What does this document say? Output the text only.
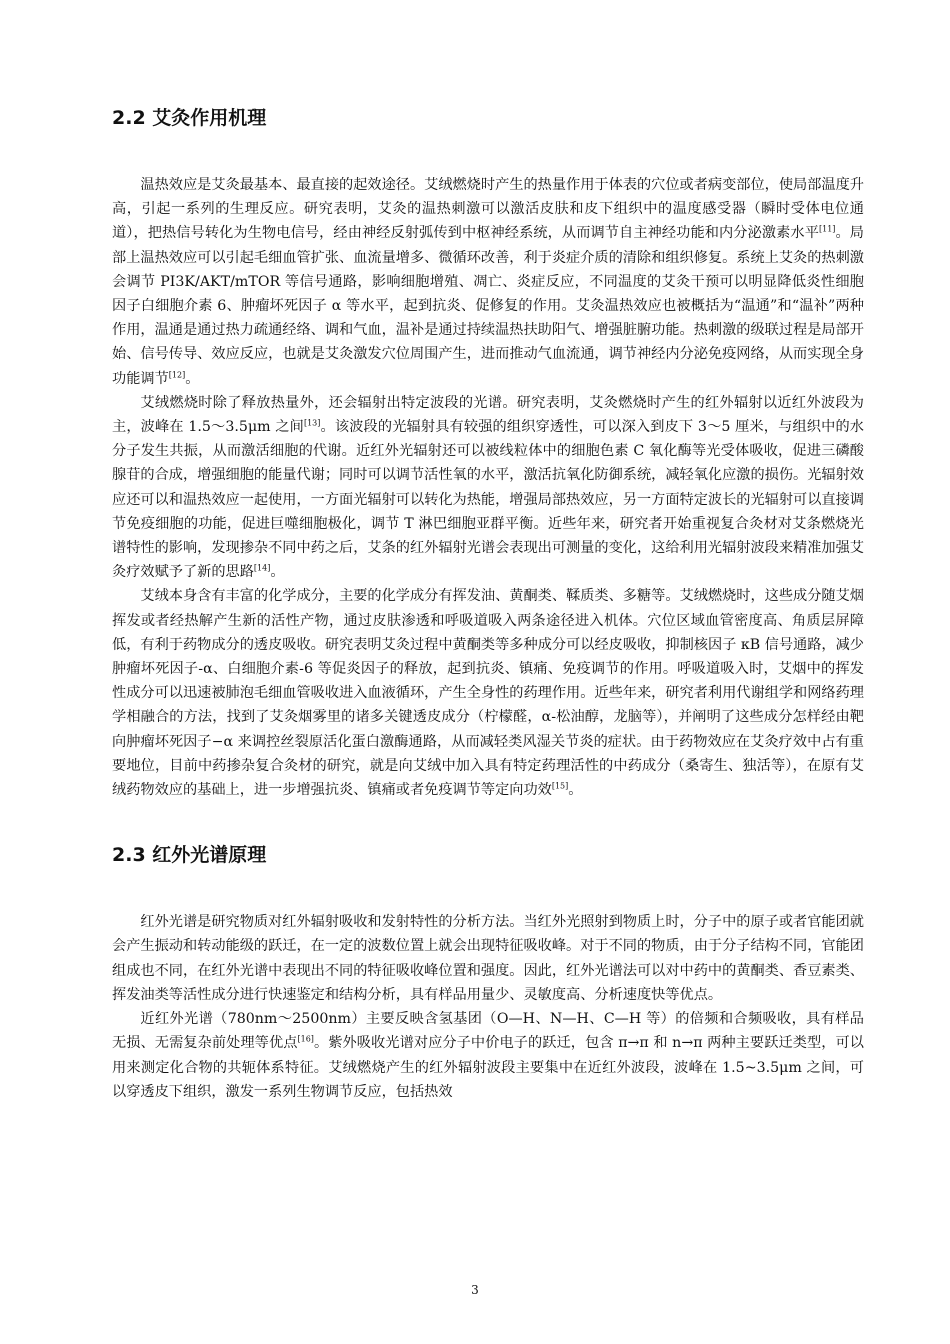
2.2 艾灸作用机理

温热效应是艾灸最基本、最直接的起效途径。艾绒燃烧时产生的热量作用于体表的穴位或者病变部位，使局部温度升高，引起一系列的生理反应。研究表明，艾灸的温热刺激可以激活皮肤和皮下组织中的温度感受器（瞬时受体电位通道），把热信号转化为生物电信号，经由神经反射弧传到中枢神经系统，从而调节自主神经功能和内分泌激素水平[11]。局部上温热效应可以引起毛细血管扩张、血流量增多、微循环改善，利于炎症介质的清除和组织修复。系统上艾灸的热刺激会调节 PI3K/AKT/mTOR 等信号通路，影响细胞增殖、凋亡、炎症反应，不同温度的艾灸干预可以明显降低炎性细胞因子白细胞介素 6、肿瘤坏死因子 α 等水平，起到抗炎、促修复的作用。艾灸温热效应也被概括为“温通”和“温补”两种作用，温通是通过热力疏通经络、调和气血，温补是通过持续温热扶助阳气、增强脏腑功能。热刺激的级联过程是局部开始、信号传导、效应反应，也就是艾灸激发穴位周围产生，进而推动气血流通，调节神经内分泌免疫网络，从而实现全身功能调节[12]。

艾绒燃烧时除了释放热量外，还会辐射出特定波段的光谱。研究表明，艾灸燃烧时产生的红外辐射以近红外波段为主，波峰在 1.5～3.5μm 之间[13]。该波段的光辐射具有较强的组织穿透性，可以深入到皮下 3～5 厘米，与组织中的水分子发生共振，从而激活细胞的代谢。近红外光辐射还可以被线粒体中的细胞色素 C 氧化酶等光受体吸收，促进三磷酸腺苷的合成，增强细胞的能量代谢；同时可以调节活性氧的水平，激活抗氧化防御系统，减轻氧化应激的损伤。光辐射效应还可以和温热效应一起使用，一方面光辐射可以转化为热能，增强局部热效应，另一方面特定波长的光辐射可以直接调节免疫细胞的功能，促进巨噬细胞极化，调节 T 淋巴细胞亚群平衡。近些年来，研究者开始重视复合灸材对艾条燃烧光谱特性的影响，发现掺杂不同中药之后，艾条的红外辐射光谱会表现出可测量的变化，这给利用光辐射波段来精准加强艾灸疗效赋予了新的思路[14]。

艾绒本身含有丰富的化学成分，主要的化学成分有挥发油、黄酮类、鞣质类、多糖等。艾绒燃烧时，这些成分随艾烟挥发或者经热解产生新的活性产物，通过皮肤渗透和呼吸道吸入两条途径进入机体。穴位区域血管密度高、角质层屏障低，有利于药物成分的透皮吸收。研究表明艾灸过程中黄酮类等多种成分可以经皮吸收，抑制核因子 κB 信号通路，减少肿瘤坏死因子-α、白细胞介素-6 等促炎因子的释放，起到抗炎、镇痛、免疫调节的作用。呼吸道吸入时，艾烟中的挥发性成分可以迅速被肺泡毛细血管吸收进入血液循环，产生全身性的药理作用。近些年来，研究者利用代谢组学和网络药理学相融合的方法，找到了艾灸烟雾里的诸多关键透皮成分（柠檬醛，α-松油醇，龙脑等），并阐明了这些成分怎样经由靶向肿瘤坏死因子−α 来调控丝裂原活化蛋白激酶通路，从而减轻类风湿关节炎的症状。由于药物效应在艾灸疗效中占有重要地位，目前中药掺杂复合灸材的研究，就是向艾绒中加入具有特定药理活性的中药成分（桑寄生、独活等），在原有艾绒药物效应的基础上，进一步增强抗炎、镇痛或者免疫调节等定向功效[15]。

2.3 红外光谱原理

红外光谱是研究物质对红外辐射吸收和发射特性的分析方法。当红外光照射到物质上时，分子中的原子或者官能团就会产生振动和转动能级的跃迁，在一定的波数位置上就会出现特征吸收峰。对于不同的物质，由于分子结构不同，官能团组成也不同，在红外光谱中表现出不同的特征吸收峰位置和强度。因此，红外光谱法可以对中药中的黄酮类、香豆素类、挥发油类等活性成分进行快速鉴定和结构分析，具有样品用量少、灵敏度高、分析速度快等优点。

近红外光谱（780nm～2500nm）主要反映含氢基团（O—H、N—H、C—H 等）的倍频和合频吸收，具有样品无损、无需复杂前处理等优点[16]。紫外吸收光谱对应分子中价电子的跃迁，包含 π→π 和 n→π 两种主要跃迁类型，可以用来测定化合物的共轭体系特征。艾绒燃烧产生的红外辐射波段主要集中在近红外波段，波峰在 1.5~3.5μm 之间，可以穿透皮下组织，激发一系列生物调节反应，包括热效

3
